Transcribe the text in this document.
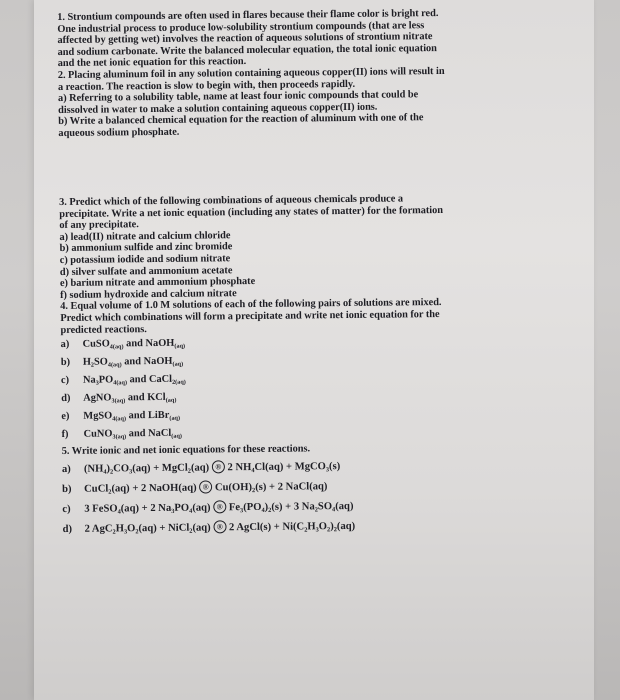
1. Strontium compounds are often used in flares because their flame color is bright red.
One industrial process to produce low-solubility strontium compounds (that are less
affected by getting wet) involves the reaction of aqueous solutions of strontium nitrate
and sodium carbonate. Write the balanced molecular equation, the total ionic equation
and the net ionic equation for this reaction.
2. Placing aluminum foil in any solution containing aqueous copper(II) ions will result in
a reaction. The reaction is slow to begin with, then proceeds rapidly.
a) Referring to a solubility table, name at least four ionic compounds that could be
dissolved in water to make a solution containing aqueous copper(II) ions.
b) Write a balanced chemical equation for the reaction of aluminum with one of the
aqueous sodium phosphate.
3. Predict which of the following combinations of aqueous chemicals produce a
precipitate. Write a net ionic equation (including any states of matter) for the formation
of any precipitate.
a) lead(II) nitrate and calcium chloride
b) ammonium sulfide and zinc bromide
c) potassium iodide and sodium nitrate
d) silver sulfate and ammonium acetate
e) barium nitrate and ammonium phosphate
f) sodium hydroxide and calcium nitrate
4. Equal volume of 1.0 M solutions of each of the following pairs of solutions are mixed.
Predict which combinations will form a precipitate and write net ionic equation for the
predicted reactions.
a) CuSO$_{4(aq)}$ and NaOH$_{(aq)}$
b) $H_2SO_{4(aq)}$ and NaOH$_{(aq)}$
c) $Na_3PO_{4(aq)}$ and CaCl$_{2(aq)}$
d) AgNO$_{3(aq)}$ and KCl$_{(aq)}$
e) MgSO$_{4(aq)}$ and LiBr$_{(aq)}$
f) CuNO$_{3(aq)}$ and NaCl$_{(aq)}$
5. Write ionic and net ionic equations for these reactions.
a) (NH₄)₂CO₃(aq) + MgCl₂(aq) ® 2 NH₄Cl(aq) + MgCO₃(s)
b) CuCl₂(aq) + 2 NaOH(aq) ® Cu(OH)₂(s) + 2 NaCl(aq)
c) 3 FeSO₄(aq) + 2 Na₃PO₄(aq) ® Fe₃(PO₄)₂(s) + 3 Na₂SO₄(aq)
d) 2 AgC₂H₃O₂(aq) + NiCl₂(aq) ® 2 AgCl(s) + Ni(C₂H₃O₂)₂(aq)
